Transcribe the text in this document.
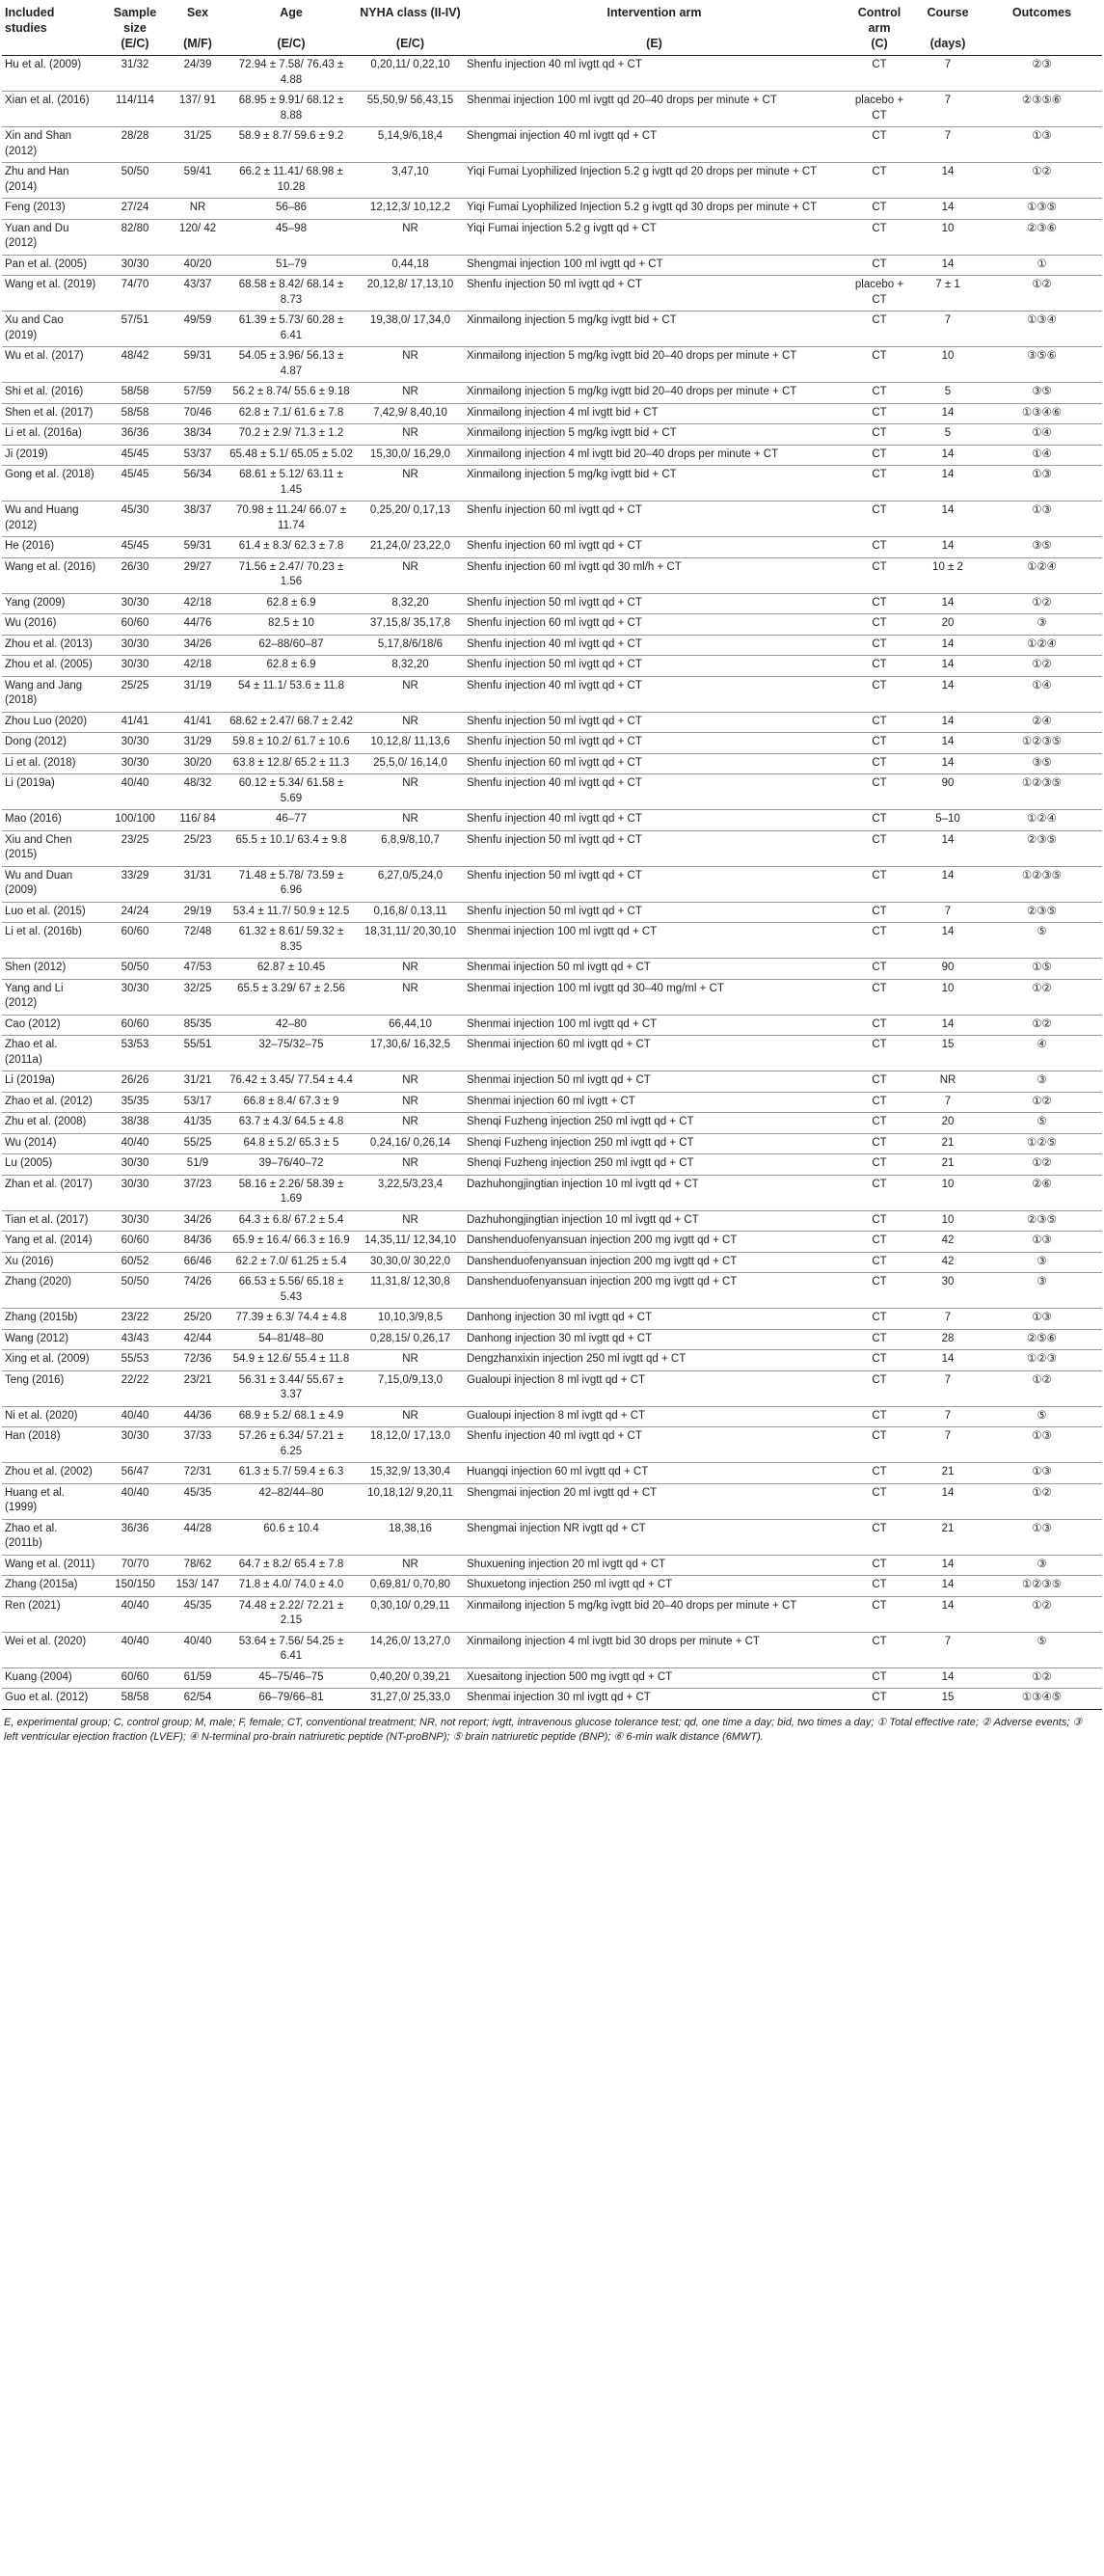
Included studies	Sample size	Sex	Age	NYHA class (II-IV)	Intervention arm	Control arm	Course	Outcomes
	(E/C)	(M/F)	(E/C)	(E/C)	(E)	(C)	(days)	
Hu et al. (2009)	31/32	24/39	72.94 ± 7.58/ 76.43 ± 4.88	0,20,11/ 0,22,10	Shenfu injection 40 ml ivgtt qd + CT	CT	7	②③
Xian et al. (2016)	114/114	137/ 91	68.95 ± 9.91/ 68.12 ± 8.88	55,50,9/ 56,43,15	Shenmai injection 100 ml ivgtt qd 20–40 drops per minute + CT	placebo + CT	7	②③⑤⑥
Xin and Shan (2012)	28/28	31/25	58.9 ± 8.7/ 59.6 ± 9.2	5,14,9/6,18,4	Shengmai injection 40 ml ivgtt qd + CT	CT	7	①③
Zhu and Han (2014)	50/50	59/41	66.2 ± 11.41/ 68.98 ± 10.28	3,47,10	Yiqi Fumai Lyophilized Injection 5.2 g ivgtt qd 20 drops per minute + CT	CT	14	①②
Feng (2013)	27/24	NR	56–86	12,12,3/ 10,12,2	Yiqi Fumai Lyophilized Injection 5.2 g ivgtt qd 30 drops per minute + CT	CT	14	①③⑤
Yuan and Du (2012)	82/80	120/ 42	45–98	NR	Yiqi Fumai injection 5.2 g ivgtt qd + CT	CT	10	②③⑥
Pan et al. (2005)	30/30	40/20	51–79	0,44,18	Shengmai injection 100 ml ivgtt qd + CT	CT	14	①
Wang et al. (2019)	74/70	43/37	68.58 ± 8.42/ 68.14 ± 8.73	20,12,8/ 17,13,10	Shenfu injection 50 ml ivgtt qd + CT	placebo + CT	7 ± 1	①②
Xu and Cao (2019)	57/51	49/59	61.39 ± 5.73/ 60.28 ± 6.41	19,38,0/ 17,34,0	Xinmailong injection 5 mg/kg ivgtt bid + CT	CT	7	①③④
Wu et al. (2017)	48/42	59/31	54.05 ± 3.96/ 56.13 ± 4.87	NR	Xinmailong injection 5 mg/kg ivgtt bid 20–40 drops per minute + CT	CT	10	③⑤⑥
Shi et al. (2016)	58/58	57/59	56.2 ± 8.74/ 55.6 ± 9.18	NR	Xinmailong injection 5 mg/kg ivgtt bid 20–40 drops per minute + CT	CT	5	③⑤
Shen et al. (2017)	58/58	70/46	62.8 ± 7.1/ 61.6 ± 7.8	7,42,9/ 8,40,10	Xinmailong injection 4 ml ivgtt bid + CT	CT	14	①③④⑥
Li et al. (2016a)	36/36	38/34	70.2 ± 2.9/ 71.3 ± 1.2	NR	Xinmailong injection 5 mg/kg ivgtt bid + CT	CT	5	①④
Ji (2019)	45/45	53/37	65.48 ± 5.1/ 65.05 ± 5.02	15,30,0/ 16,29,0	Xinmailong injection 4 ml ivgtt bid 20–40 drops per minute + CT	CT	14	①④
Gong et al. (2018)	45/45	56/34	68.61 ± 5.12/ 63.11 ± 1.45	NR	Xinmailong injection 5 mg/kg ivgtt bid + CT	CT	14	①③
Wu and Huang (2012)	45/30	38/37	70.98 ± 11.24/ 66.07 ± 11.74	0,25,20/ 0,17,13	Shenfu injection 60 ml ivgtt qd + CT	CT	14	①③
He (2016)	45/45	59/31	61.4 ± 8.3/ 62.3 ± 7.8	21,24,0/ 23,22,0	Shenfu injection 60 ml ivgtt qd + CT	CT	14	③⑤
Wang et al. (2016)	26/30	29/27	71.56 ± 2.47/ 70.23 ± 1.56	NR	Shenfu injection 60 ml ivgtt qd 30 ml/h + CT	CT	10 ± 2	①②④
Yang (2009)	30/30	42/18	62.8 ± 6.9	8,32,20	Shenfu injection 50 ml ivgtt qd + CT	CT	14	①②
Wu (2016)	60/60	44/76	82.5 ± 10	37,15,8/ 35,17,8	Shenfu injection 60 ml ivgtt qd + CT	CT	20	③
Zhou et al. (2013)	30/30	34/26	62–88/60–87	5,17,8/6/18/6	Shenfu injection 40 ml ivgtt qd + CT	CT	14	①②④
Zhou et al. (2005)	30/30	42/18	62.8 ± 6.9	8,32,20	Shenfu injection 50 ml ivgtt qd + CT	CT	14	①②
Wang and Jang (2018)	25/25	31/19	54 ± 11.1/ 53.6 ± 11.8	NR	Shenfu injection 40 ml ivgtt qd + CT	CT	14	①④
Zhou Luo (2020)	41/41	41/41	68.62 ± 2.47/ 68.7 ± 2.42	NR	Shenfu injection 50 ml ivgtt qd + CT	CT	14	②④
Dong (2012)	30/30	31/29	59.8 ± 10.2/ 61.7 ± 10.6	10,12,8/ 11,13,6	Shenfu injection 50 ml ivgtt qd + CT	CT	14	①②③⑤
Li et al. (2018)	30/30	30/20	63.8 ± 12.8/ 65.2 ± 11.3	25,5,0/ 16,14,0	Shenfu injection 60 ml ivgtt qd + CT	CT	14	③⑤
Li (2019a)	40/40	48/32	60.12 ± 5.34/ 61.58 ± 5.69	NR	Shenfu injection 40 ml ivgtt qd + CT	CT	90	①②③⑤
Mao (2016)	100/100	116/ 84	46–77	NR	Shenfu injection 40 ml ivgtt qd + CT	CT	5–10	①②④
Xiu and Chen (2015)	23/25	25/23	65.5 ± 10.1/ 63.4 ± 9.8	6,8,9/8,10,7	Shenfu injection 50 ml ivgtt qd + CT	CT	14	②③⑤
Wu and Duan (2009)	33/29	31/31	71.48 ± 5.78/ 73.59 ± 6.96	6,27,0/5,24,0	Shenfu injection 50 ml ivgtt qd + CT	CT	14	①②③⑤
Luo et al. (2015)	24/24	29/19	53.4 ± 11.7/ 50.9 ± 12.5	0,16,8/ 0,13,11	Shenfu injection 50 ml ivgtt qd + CT	CT	7	②③⑤
Li et al. (2016b)	60/60	72/48	61.32 ± 8.61/ 59.32 ± 8.35	18,31,11/ 20,30,10	Shenmai injection 100 ml ivgtt qd + CT	CT	14	⑤
Shen (2012)	50/50	47/53	62.87 ± 10.45	NR	Shenmai injection 50 ml ivgtt qd + CT	CT	90	①⑤
Yang and Li (2012)	30/30	32/25	65.5 ± 3.29/ 67 ± 2.56	NR	Shenmai injection 100 ml ivgtt qd 30–40 mg/ml + CT	CT	10	①②
Cao (2012)	60/60	85/35	42–80	66,44,10	Shenmai injection 100 ml ivgtt qd + CT	CT	14	①②
Zhao et al. (2011a)	53/53	55/51	32–75/32–75	17,30,6/ 16,32,5	Shenmai injection 60 ml ivgtt qd + CT	CT	15	④
Li (2019a)	26/26	31/21	76.42 ± 3.45/ 77.54 ± 4.4	NR	Shenmai injection 50 ml ivgtt qd + CT	CT	NR	③
Zhao et al. (2012)	35/35	53/17	66.8 ± 8.4/ 67.3 ± 9	NR	Shenmai injection 60 ml ivgtt + CT	CT	7	①②
Zhu et al. (2008)	38/38	41/35	63.7 ± 4.3/ 64.5 ± 4.8	NR	Shenqi Fuzheng injection 250 ml ivgtt qd + CT	CT	20	⑤
Wu (2014)	40/40	55/25	64.8 ± 5.2/ 65.3 ± 5	0,24,16/ 0,26,14	Shenqi Fuzheng injection 250 ml ivgtt qd + CT	CT	21	①②⑤
Lu (2005)	30/30	51/9	39–76/40–72	NR	Shenqi Fuzheng injection 250 ml ivgtt qd + CT	CT	21	①②
Zhan et al. (2017)	30/30	37/23	58.16 ± 2.26/ 58.39 ± 1.69	3,22,5/3,23,4	Dazhuhongjingtian injection 10 ml ivgtt qd + CT	CT	10	②⑥
Tian et al. (2017)	30/30	34/26	64.3 ± 6.8/ 67.2 ± 5.4	NR	Dazhuhongjingtian injection 10 ml ivgtt qd + CT	CT	10	②③⑤
Yang et al. (2014)	60/60	84/36	65.9 ± 16.4/ 66.3 ± 16.9	14,35,11/ 12,34,10	Danshenduofenyansuan injection 200 mg ivgtt qd + CT	CT	42	①③
Xu (2016)	60/52	66/46	62.2 ± 7.0/ 61.25 ± 5.4	30,30,0/ 30,22,0	Danshenduofenyansuan injection 200 mg ivgtt qd + CT	CT	42	③
Zhang (2020)	50/50	74/26	66.53 ± 5.56/ 65.18 ± 5.43	11,31,8/ 12,30,8	Danshenduofenyansuan injection 200 mg ivgtt qd + CT	CT	30	③
Zhang (2015b)	23/22	25/20	77.39 ± 6.3/ 74.4 ± 4.8	10,10,3/9,8,5	Danhong injection 30 ml ivgtt qd + CT	CT	7	①③
Wang (2012)	43/43	42/44	54–81/48–80	0,28,15/ 0,26,17	Danhong injection 30 ml ivgtt qd + CT	CT	28	②⑤⑥
Xing et al. (2009)	55/53	72/36	54.9 ± 12.6/ 55.4 ± 11.8	NR	Dengzhanxixin injection 250 ml ivgtt qd + CT	CT	14	①②③
Teng (2016)	22/22	23/21	56.31 ± 3.44/ 55.67 ± 3.37	7,15,0/9,13,0	Gualoupi injection 8 ml ivgtt qd + CT	CT	7	①②
Ni et al. (2020)	40/40	44/36	68.9 ± 5.2/ 68.1 ± 4.9	NR	Gualoupi injection 8 ml ivgtt qd + CT	CT	7	⑤
Han (2018)	30/30	37/33	57.26 ± 6.34/ 57.21 ± 6.25	18,12,0/ 17,13,0	Shenfu injection 40 ml ivgtt qd + CT	CT	7	①③
Zhou et al. (2002)	56/47	72/31	61.3 ± 5.7/ 59.4 ± 6.3	15,32,9/ 13,30,4	Huangqi injection 60 ml ivgtt qd + CT	CT	21	①③
Huang et al. (1999)	40/40	45/35	42–82/44–80	10,18,12/ 9,20,11	Shengmai injection 20 ml ivgtt qd + CT	CT	14	①②
Zhao et al. (2011b)	36/36	44/28	60.6 ± 10.4	18,38,16	Shengmai injection NR ivgtt qd + CT	CT	21	①③
Wang et al. (2011)	70/70	78/62	64.7 ± 8.2/ 65.4 ± 7.8	NR	Shuxuening injection 20 ml ivgtt qd + CT	CT	14	③
Zhang (2015a)	150/150	153/ 147	71.8 ± 4.0/ 74.0 ± 4.0	0,69,81/ 0,70,80	Shuxuetong injection 250 ml ivgtt qd + CT	CT	14	①②③⑤
Ren (2021)	40/40	45/35	74.48 ± 2.22/ 72.21 ± 2.15	0,30,10/ 0,29,11	Xinmailong injection 5 mg/kg ivgtt bid 20–40 drops per minute + CT	CT	14	①②
Wei et al. (2020)	40/40	40/40	53.64 ± 7.56/ 54.25 ± 6.41	14,26,0/ 13,27,0	Xinmailong injection 4 ml ivgtt bid 30 drops per minute + CT	CT	7	⑤
Kuang (2004)	60/60	61/59	45–75/46–75	0,40,20/ 0,39,21	Xuesaitong injection 500 mg ivgtt qd + CT	CT	14	①②
Guo et al. (2012)	58/58	62/54	66–79/66–81	31,27,0/ 25,33,0	Shenmai injection 30 ml ivgtt qd + CT	CT	15	①③④⑤
E, experimental group; C, control group; M, male; F, female; CT, conventional treatment; NR, not report; ivgtt, intravenous glucose tolerance test; qd, one time a day; bid, two times a day; ① Total effective rate; ② Adverse events; ③ left ventricular ejection fraction (LVEF); ④ N-terminal pro-brain natriuretic peptide (NT-proBNP); ⑤ brain natriuretic peptide (BNP); ⑥ 6-min walk distance (6MWT).
